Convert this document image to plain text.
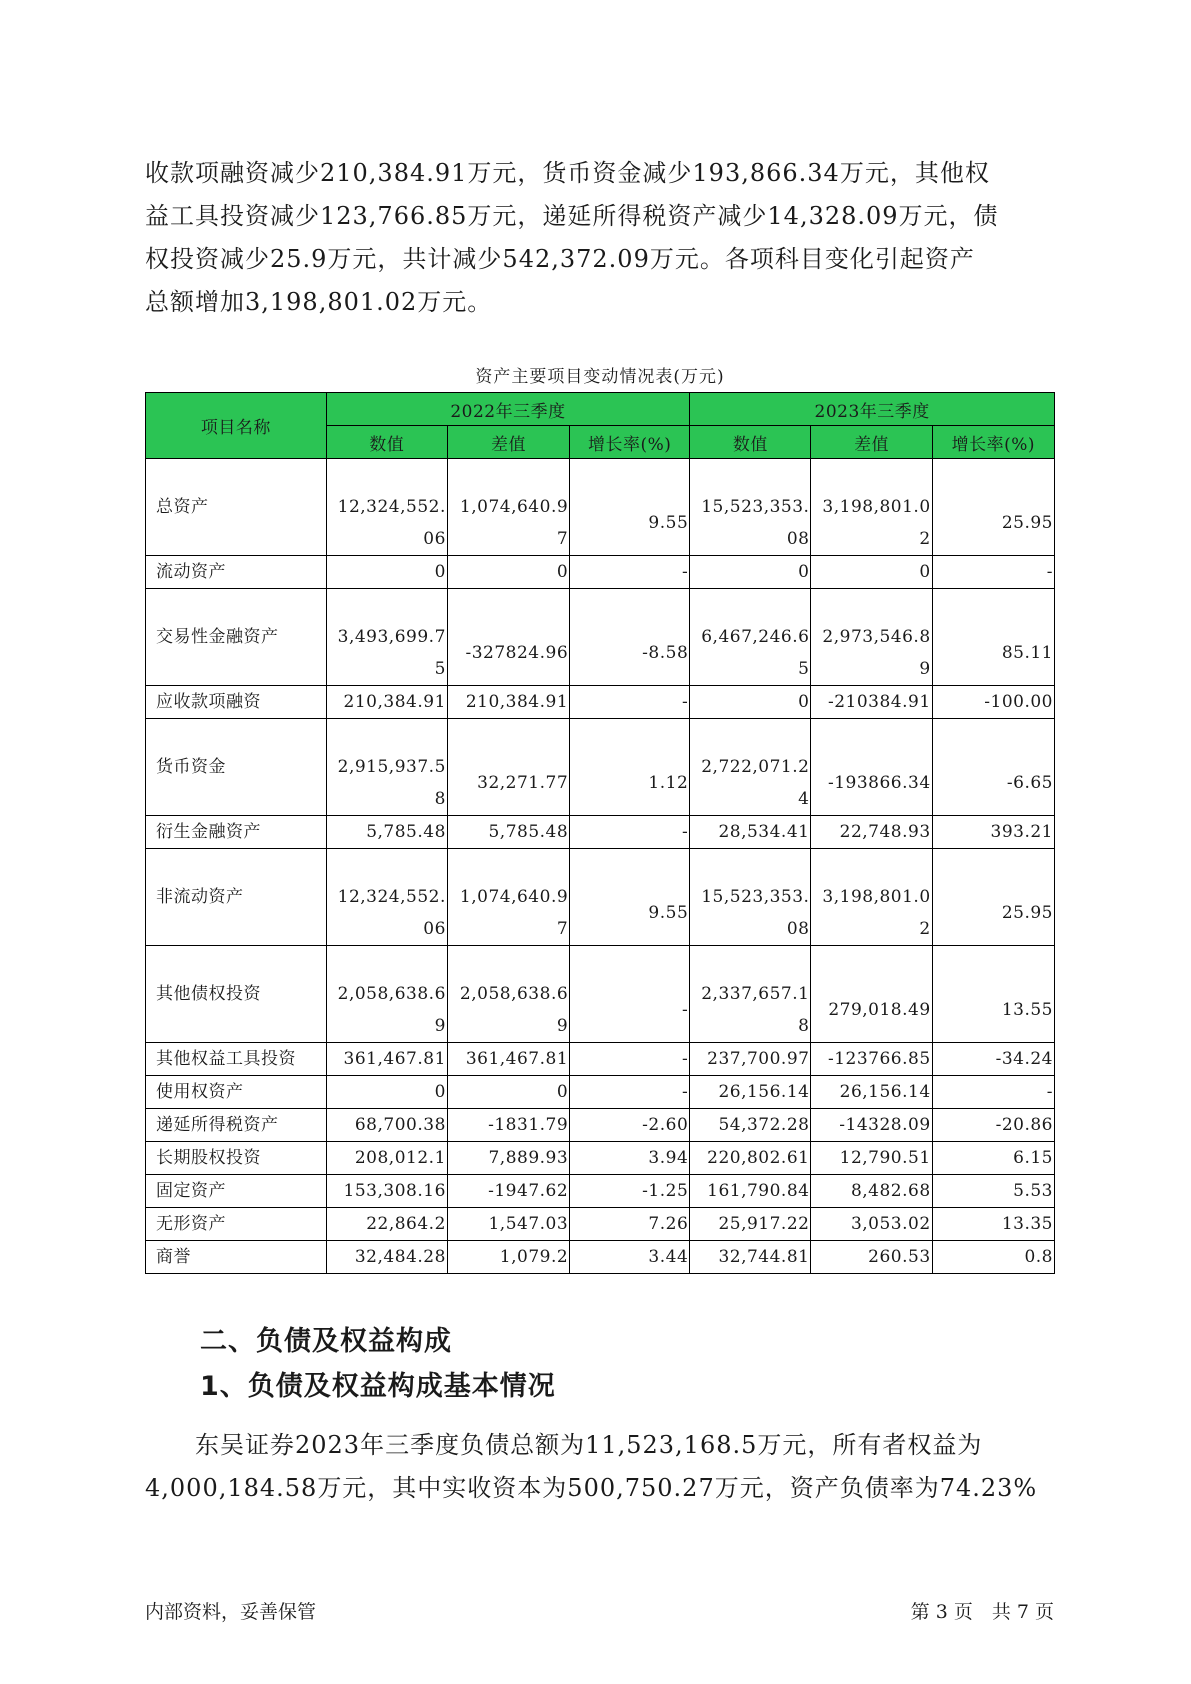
收款项融资减少210,384.91万元，货币资金减少193,866.34万元，其他权
益工具投资减少123,766.85万元，递延所得税资产减少14,328.09万元，债
权投资减少25.9万元，共计减少542,372.09万元。各项科目变化引起资产
总额增加3,198,801.02万元。
资产主要项目变动情况表(万元)
项目名称	2022年三季度			2023年三季度		
	数值	差值	增长率(%)	数值	差值	增长率(%)
总资产	12,324,552.06	1,074,640.97	9.55	15,523,353.08	3,198,801.02	25.95

流动资产	0	0	-	0	0	-
交易性金融资产	3,493,699.75	-327824.96	-8.58	6,467,246.65	2,973,546.89	85.11

应收款项融资	210,384.91	210,384.91	-	0	-210384.91	-100.00
货币资金	2,915,937.58	32,271.77	1.12	2,722,071.24	-193866.34	-6.65

衍生金融资产	5,785.48	5,785.48	-	28,534.41	22,748.93	393.21
非流动资产	12,324,552.06	1,074,640.97	9.55	15,523,353.08	3,198,801.02	25.95

其他债权投资	2,058,638.69	2,058,638.69	-	2,337,657.18	279,018.49	13.55

其他权益工具投资	361,467.81	361,467.81	-	237,700.97	-123766.85	-34.24
使用权资产	0	0	-	26,156.14	26,156.14	-
递延所得税资产	68,700.38	-1831.79	-2.60	54,372.28	-14328.09	-20.86
长期股权投资	208,012.1	7,889.93	3.94	220,802.61	12,790.51	6.15
固定资产	153,308.16	-1947.62	-1.25	161,790.84	8,482.68	5.53
无形资产	22,864.2	1,547.03	7.26	25,917.22	3,053.02	13.35
商誉	32,484.28	1,079.2	3.44	32,744.81	260.53	0.8
二、负债及权益构成
1、负债及权益构成基本情况
　　东吴证券2023年三季度负债总额为11,523,168.5万元，所有者权益为
4,000,184.58万元，其中实收资本为500,750.27万元，资产负债率为74.23%
内部资料，妥善保管	第 3 页　共 7 页
